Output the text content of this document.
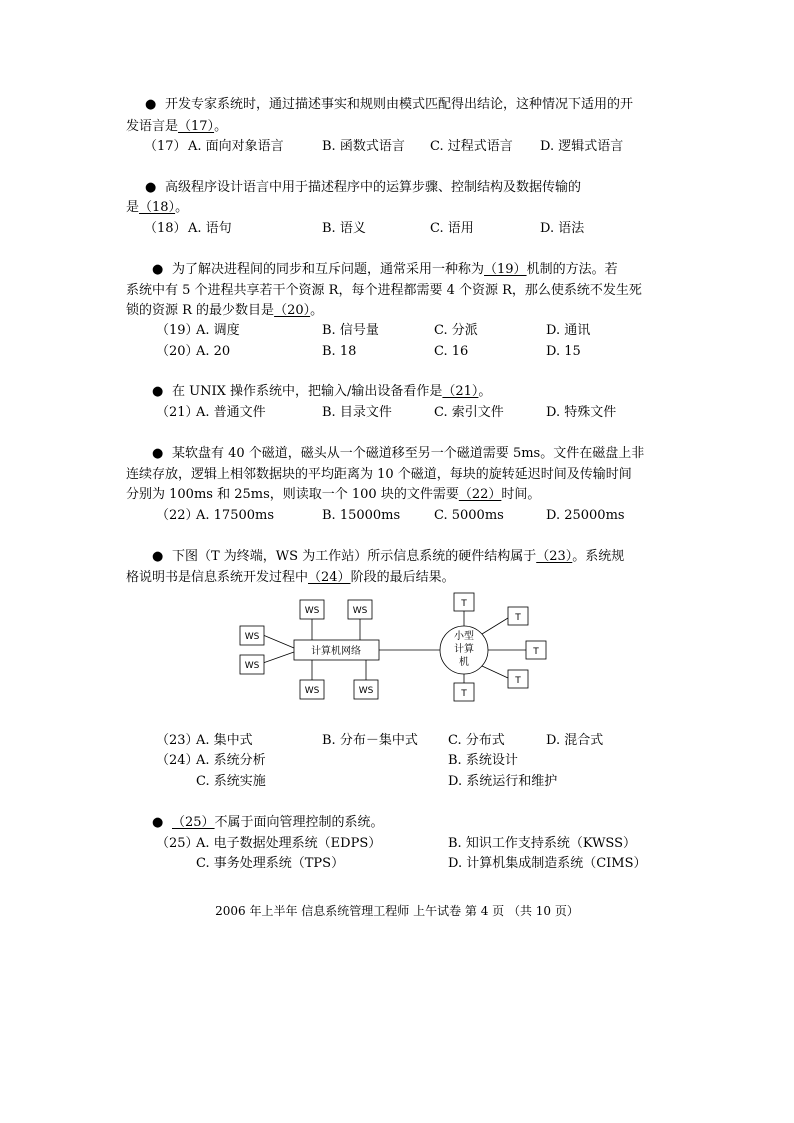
● 开发专家系统时，通过描述事实和规则由模式匹配得出结论，这种情况下适用的开
发语言是（17）。
（17） A. 面向对象语言	B. 函数式语言 C. 过程式语言 D. 逻辑式语言
● 高级程序设计语言中用于描述程序中的运算步骤、控制结构及数据传输的
是（18）。
（18） A. 语句	B. 语义	C. 语用	D. 语法
● 为了解决进程间的同步和互斥问题，通常采用一种称为（19）机制的方法。若
系统中有 5 个进程共享若干个资源 R，每个进程都需要 4 个资源 R，那么使系统不发生死
锁的资源 R 的最少数目是（20）。
（19）
A. 调度	B. 信号量	C. 分派	D. 通讯
（20）
A. 20	B. 18	C. 16	D. 15
● 在 UNIX 操作系统中，把输入/输出设备看作是（21）。
（21）
A. 普通文件	B. 目录文件	C. 索引文件	D. 特殊文件
● 某软盘有 40 个磁道，磁头从一个磁道移至另一个磁道需要 5ms。文件在磁盘上非
连续存放，逻辑上相邻数据块的平均距离为 10 个磁道，每块的旋转延迟时间及传输时间
分别为 100ms 和 25ms，则读取一个 100 块的文件需要（22）时间。
（22）
A. 17500ms	B. 15000ms	C. 5000ms	D. 25000ms
● 下图（T 为终端，WS 为工作站）所示信息系统的硬件结构属于（23）。系统规
格说明书是信息系统开发过程中（24）阶段的最后结果。
计算机网络
小型
计算
机
WS	WS
WS
WS
WS	WS
T
T
T
T
T
（23）
A. 集中式	B. 分布－集中式 C. 分布式	D. 混合式
（24）
A. 系统分析	B. 系统设计
C. 系统实施	D. 系统运行和维护
● （25）不属于面向管理控制的系统。
（25）
A. 电子数据处理系统（EDPS）	B. 知识工作支持系统（KWSS）
C. 事务处理系统（TPS）	D. 计算机集成制造系统（CIMS）
2006 年上半年 信息系统管理工程师 上午试卷 第 4 页 （共 10 页）
